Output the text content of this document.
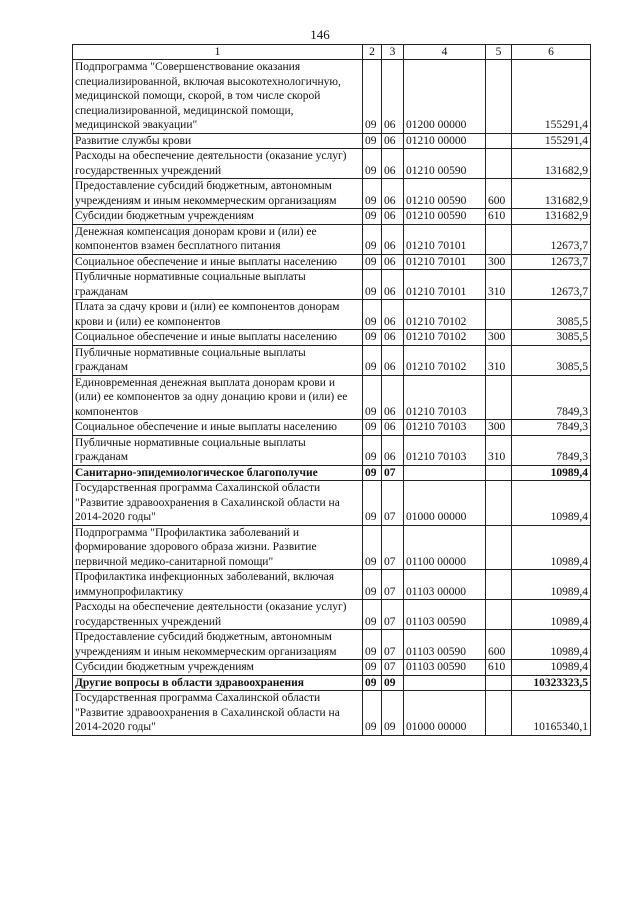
146
1	2	3	4	5	6
Подпрограмма "Совершенствование оказания специализированной, включая высокотехнологичную, медицинской помощи, скорой, в том числе скорой специализированной, медицинской помощи, медицинской эвакуации"	09	06	01200 00000		155291,4
Развитие службы крови	09	06	01210 00000		155291,4
Расходы на обеспечение деятельности (оказание услуг) государственных учреждений	09	06	01210 00590		131682,9
Предоставление субсидий бюджетным, автономным учреждениям и иным некоммерческим организациям	09	06	01210 00590	600	131682,9
Субсидии бюджетным учреждениям	09	06	01210 00590	610	131682,9
Денежная компенсация донорам крови и (или) ее компонентов взамен бесплатного питания	09	06	01210 70101		12673,7
Социальное обеспечение и иные выплаты населению	09	06	01210 70101	300	12673,7
Публичные нормативные социальные выплаты гражданам	09	06	01210 70101	310	12673,7
Плата за сдачу крови и (или) ее компонентов донорам крови и (или) ее компонентов	09	06	01210 70102		3085,5
Социальное обеспечение и иные выплаты населению	09	06	01210 70102	300	3085,5
Публичные нормативные социальные выплаты гражданам	09	06	01210 70102	310	3085,5
Единовременная денежная выплата донорам крови и (или) ее компонентов за одну донацию крови и (или) ее компонентов	09	06	01210 70103		7849,3
Социальное обеспечение и иные выплаты населению	09	06	01210 70103	300	7849,3
Публичные нормативные социальные выплаты гражданам	09	06	01210 70103	310	7849,3
Санитарно-эпидемиологическое благополучие	09	07			10989,4
Государственная программа Сахалинской области "Развитие здравоохранения в Сахалинской области на 2014-2020 годы"	09	07	01000 00000		10989,4
Подпрограмма "Профилактика заболеваний и формирование здорового образа жизни. Развитие первичной медико-санитарной помощи"	09	07	01100 00000		10989,4
Профилактика инфекционных заболеваний, включая иммунопрофилактику	09	07	01103 00000		10989,4
Расходы на обеспечение деятельности (оказание услуг) государственных учреждений	09	07	01103 00590		10989,4
Предоставление субсидий бюджетным, автономным учреждениям и иным некоммерческим организациям	09	07	01103 00590	600	10989,4
Субсидии бюджетным учреждениям	09	07	01103 00590	610	10989,4
Другие вопросы в области здравоохранения	09	09			10323323,5
Государственная программа Сахалинской области "Развитие здравоохранения в Сахалинской области на 2014-2020 годы"	09	09	01000 00000		10165340,1
